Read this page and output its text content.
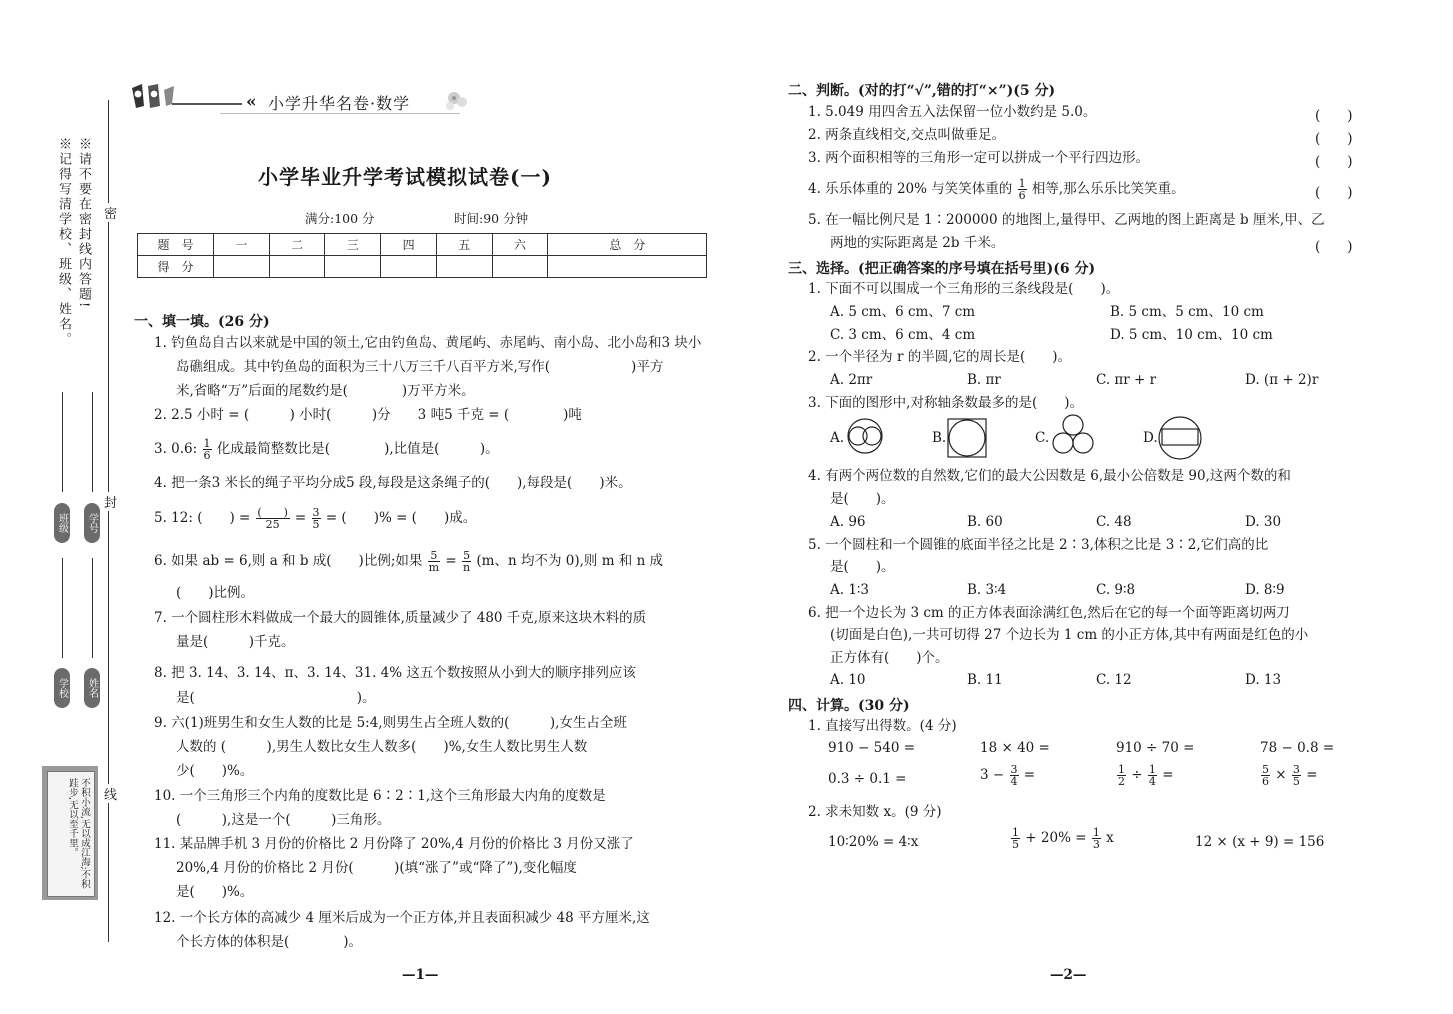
※请不要在密封线内答题!
※记得写清学校、班级、姓名。	密
封
线
班级 学号
学校 姓名
不积小流,无以成江海;不积跬步,无以至千里。
« 小学升华名卷·数学
小学毕业升学考试模拟试卷(一)
满分:100 分	时间:90 分钟
题　号	一	二	三	四	五	六	总　分
得　分							
一、填一填。(26 分)
1. 钓鱼岛自古以来就是中国的领土,它由钓鱼岛、黄尾屿、赤尾屿、南小岛、北小岛和3 块小
岛礁组成。其中钓鱼岛的面积为三十八万三千八百平方米,写作(　　　　　　)平方
米,省略“万”后面的尾数约是(　　　　)万平方米。
2. 2.5 小时 = (　　　) 小时(　　　)分　　3 吨5 千克 = (　　　　)吨
3. 0.6: $\frac{1}{6}$ 化成最简整数比是(　　　　),比值是(　　　)。
4. 把一条3 米长的绳子平均分成5 段,每段是这条绳子的(　　),每段是(　　)米。
5. 12: (　　) = $\frac{( )}{25} = \frac{3}{5}$ = (　　)% = (　　)成。
6. 如果 ab = 6,则 a 和 b 成(　　)比例;如果 $\frac{5}{m} = \frac{5}{n} (m$、n 均不为 0),则 m 和 n 成
(　　)比例。
7. 一个圆柱形木料做成一个最大的圆锥体,质量减少了 480 千克,原来这块木料的质
量是(　　　)千克。
8. 把 3. 14、3. 14、π、3. 14、31. 4% 这五个数按照从小到大的顺序排列应该
是(　　　　　　　　　　　　)。
9. 六(1)班男生和女生人数的比是 5:4,则男生占全班人数的(　　　),女生占全班
人数的 (　　　),男生人数比女生人数多(　　)%,女生人数比男生人数
少(　　)%。
10. 一个三角形三个内角的度数比是 6∶2∶1,这个三角形最大内角的度数是
(　　　),这是一个(　　　)三角形。
11. 某品牌手机 3 月份的价格比 2 月份降了 20%,4 月份的价格比 3 月份又涨了
20%,4 月份的价格比 2 月份(　　　)(填“涨了”或“降了”),变化幅度
是(　　)%。
12. 一个长方体的高减少 4 厘米后成为一个正方体,并且表面积减少 48 平方厘米,这
个长方体的体积是(　　　　)。
—1—
二、判断。(对的打“√”,错的打“×”)(5 分)
1. 5.049 用四舍五入法保留一位小数约是 5.0。	(　　)
2. 两条直线相交,交点叫做垂足。	(　　)
3. 两个面积相等的三角形一定可以拼成一个平行四边形。	(　　)
4. 乐乐体重的 20% 与笑笑体重的 $\frac{1}{6}$ 相等,那么乐乐比笑笑重。	(　　)
5. 在一幅比例尺是 1∶200000 的地图上,量得甲、乙两地的图上距离是 b 厘米,甲、乙
两地的实际距离是 2b 千米。	(　　)
三、选择。(把正确答案的序号填在括号里)(6 分)
1. 下面不可以围成一个三角形的三条线段是(　　)。
A. 5 cm、6 cm、7 cm	B. 5 cm、5 cm、10 cm
C. 3 cm、6 cm、4 cm	D. 5 cm、10 cm、10 cm
2. 一个半径为 r 的半圆,它的周长是(　　)。
A. 2πr	B. πr	C. πr + r	D. (π + 2)r
3. 下面的图形中,对称轴条数最多的是(　　)。
A.	B.	C.	D.
4. 有两个两位数的自然数,它们的最大公因数是 6,最小公倍数是 90,这两个数的和
是(　　)。
A. 96	B. 60	C. 48	D. 30
5. 一个圆柱和一个圆锥的底面半径之比是 2∶3,体积之比是 3∶2,它们高的比
是(　　)。
A. 1∶3	B. 3∶4	C. 9∶8	D. 8∶9
6. 把一个边长为 3 cm 的正方体表面涂满红色,然后在它的每一个面等距离切两刀
(切面是白色),一共可切得 27 个边长为 1 cm 的小正方体,其中有两面是红色的小
正方体有(　　)个。
A. 10	B. 11	C. 12	D. 13
四、计算。(30 分)
1. 直接写出得数。(4 分)
910 − 540 =	18 × 40 =	910 ÷ 70 =	78 − 0.8 =
0.3 ÷ 0.1 =	$3 - \frac{3}{4}$ =	$\frac{1}{2} \div \frac{1}{4}$ =	$\frac{5}{6} \times \frac{3}{5}$ =
2. 求未知数 x。(9 分)
10∶20% = 4∶x	$\frac{1}{5} + 20\% = \frac{1}{3}$ x	12 × (x + 9) = 156
—2—
